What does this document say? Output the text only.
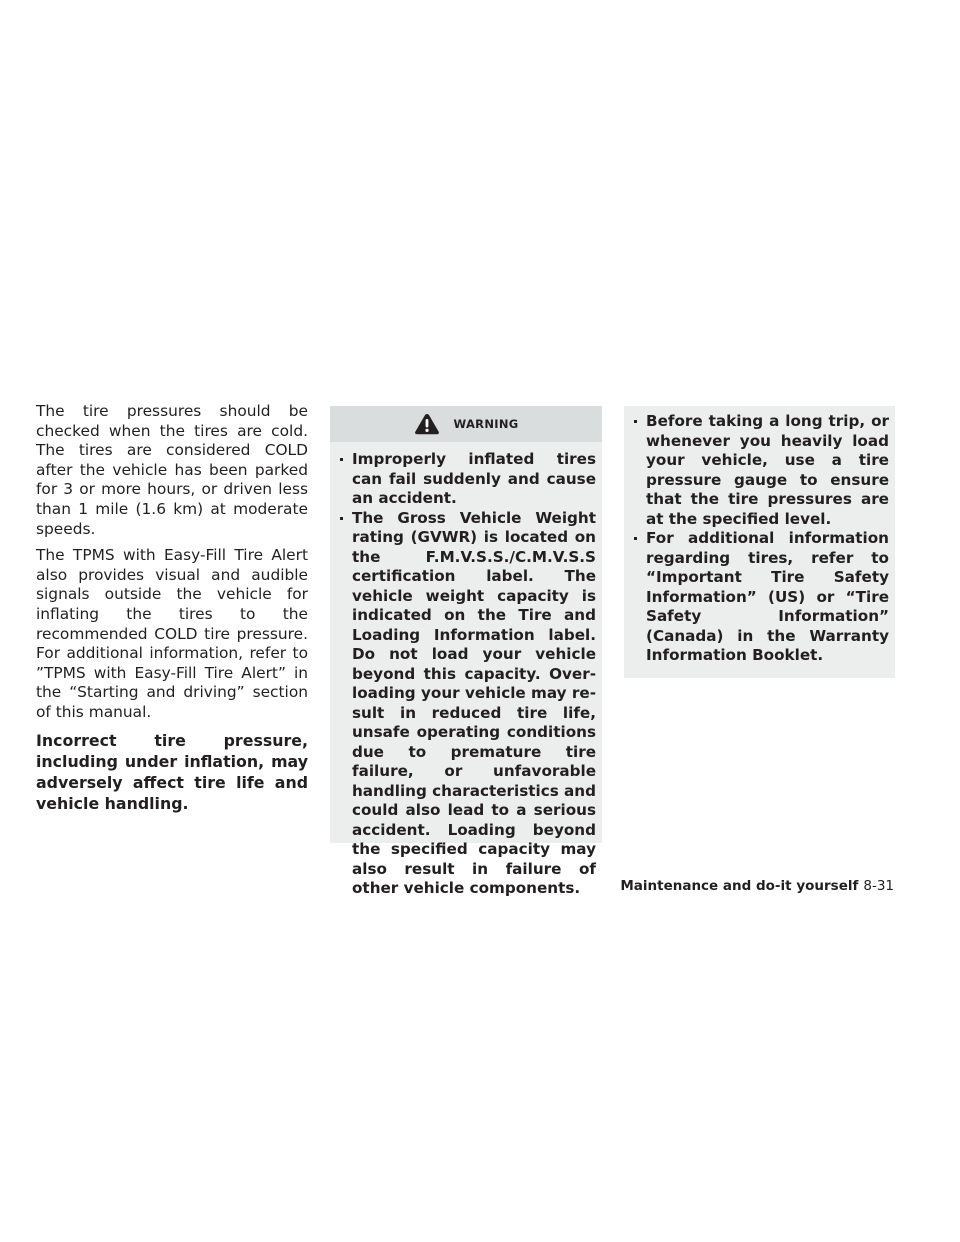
The tire pressures should be checked when the tires are cold. The tires are considered COLD after the vehicle has been parked for 3 or more hours, or driven less than 1 mile (1.6 km) at moderate speeds.

The TPMS with Easy-Fill Tire Alert also provides visual and audible signals outside the vehicle for inflating the tires to the recommended COLD tire pressure. For additional information, refer to ”TPMS with Easy-Fill Tire Alert” in the “Starting and driving” section of this manual.

Incorrect tire pressure, including under inflation, may adversely affect tire life and vehicle handling.

WARNING
Improperly inflated tires can fail suddenly and cause an accident.
The Gross Vehicle Weight rating (GVWR) is located on the F.M.V.S.S./C.M.V.S.S certification label. The vehicle weight capacity is indicated on the Tire and Loading Information label. Do not load your vehicle beyond this capacity. Overloading your vehicle may result in reduced tire life, unsafe operating conditions due to premature tire failure, or unfavorable handling characteristics and could also lead to a serious accident. Loading beyond the specified capacity may also result in failure of other vehicle components.
Before taking a long trip, or whenever you heavily load your vehicle, use a tire pressure gauge to ensure that the tire pressures are at the specified level.
For additional information regarding tires, refer to “Important Tire Safety Information” (US) or “Tire Safety Information” (Canada) in the Warranty Information Booklet.
Maintenance and do-it yourself 8-31
